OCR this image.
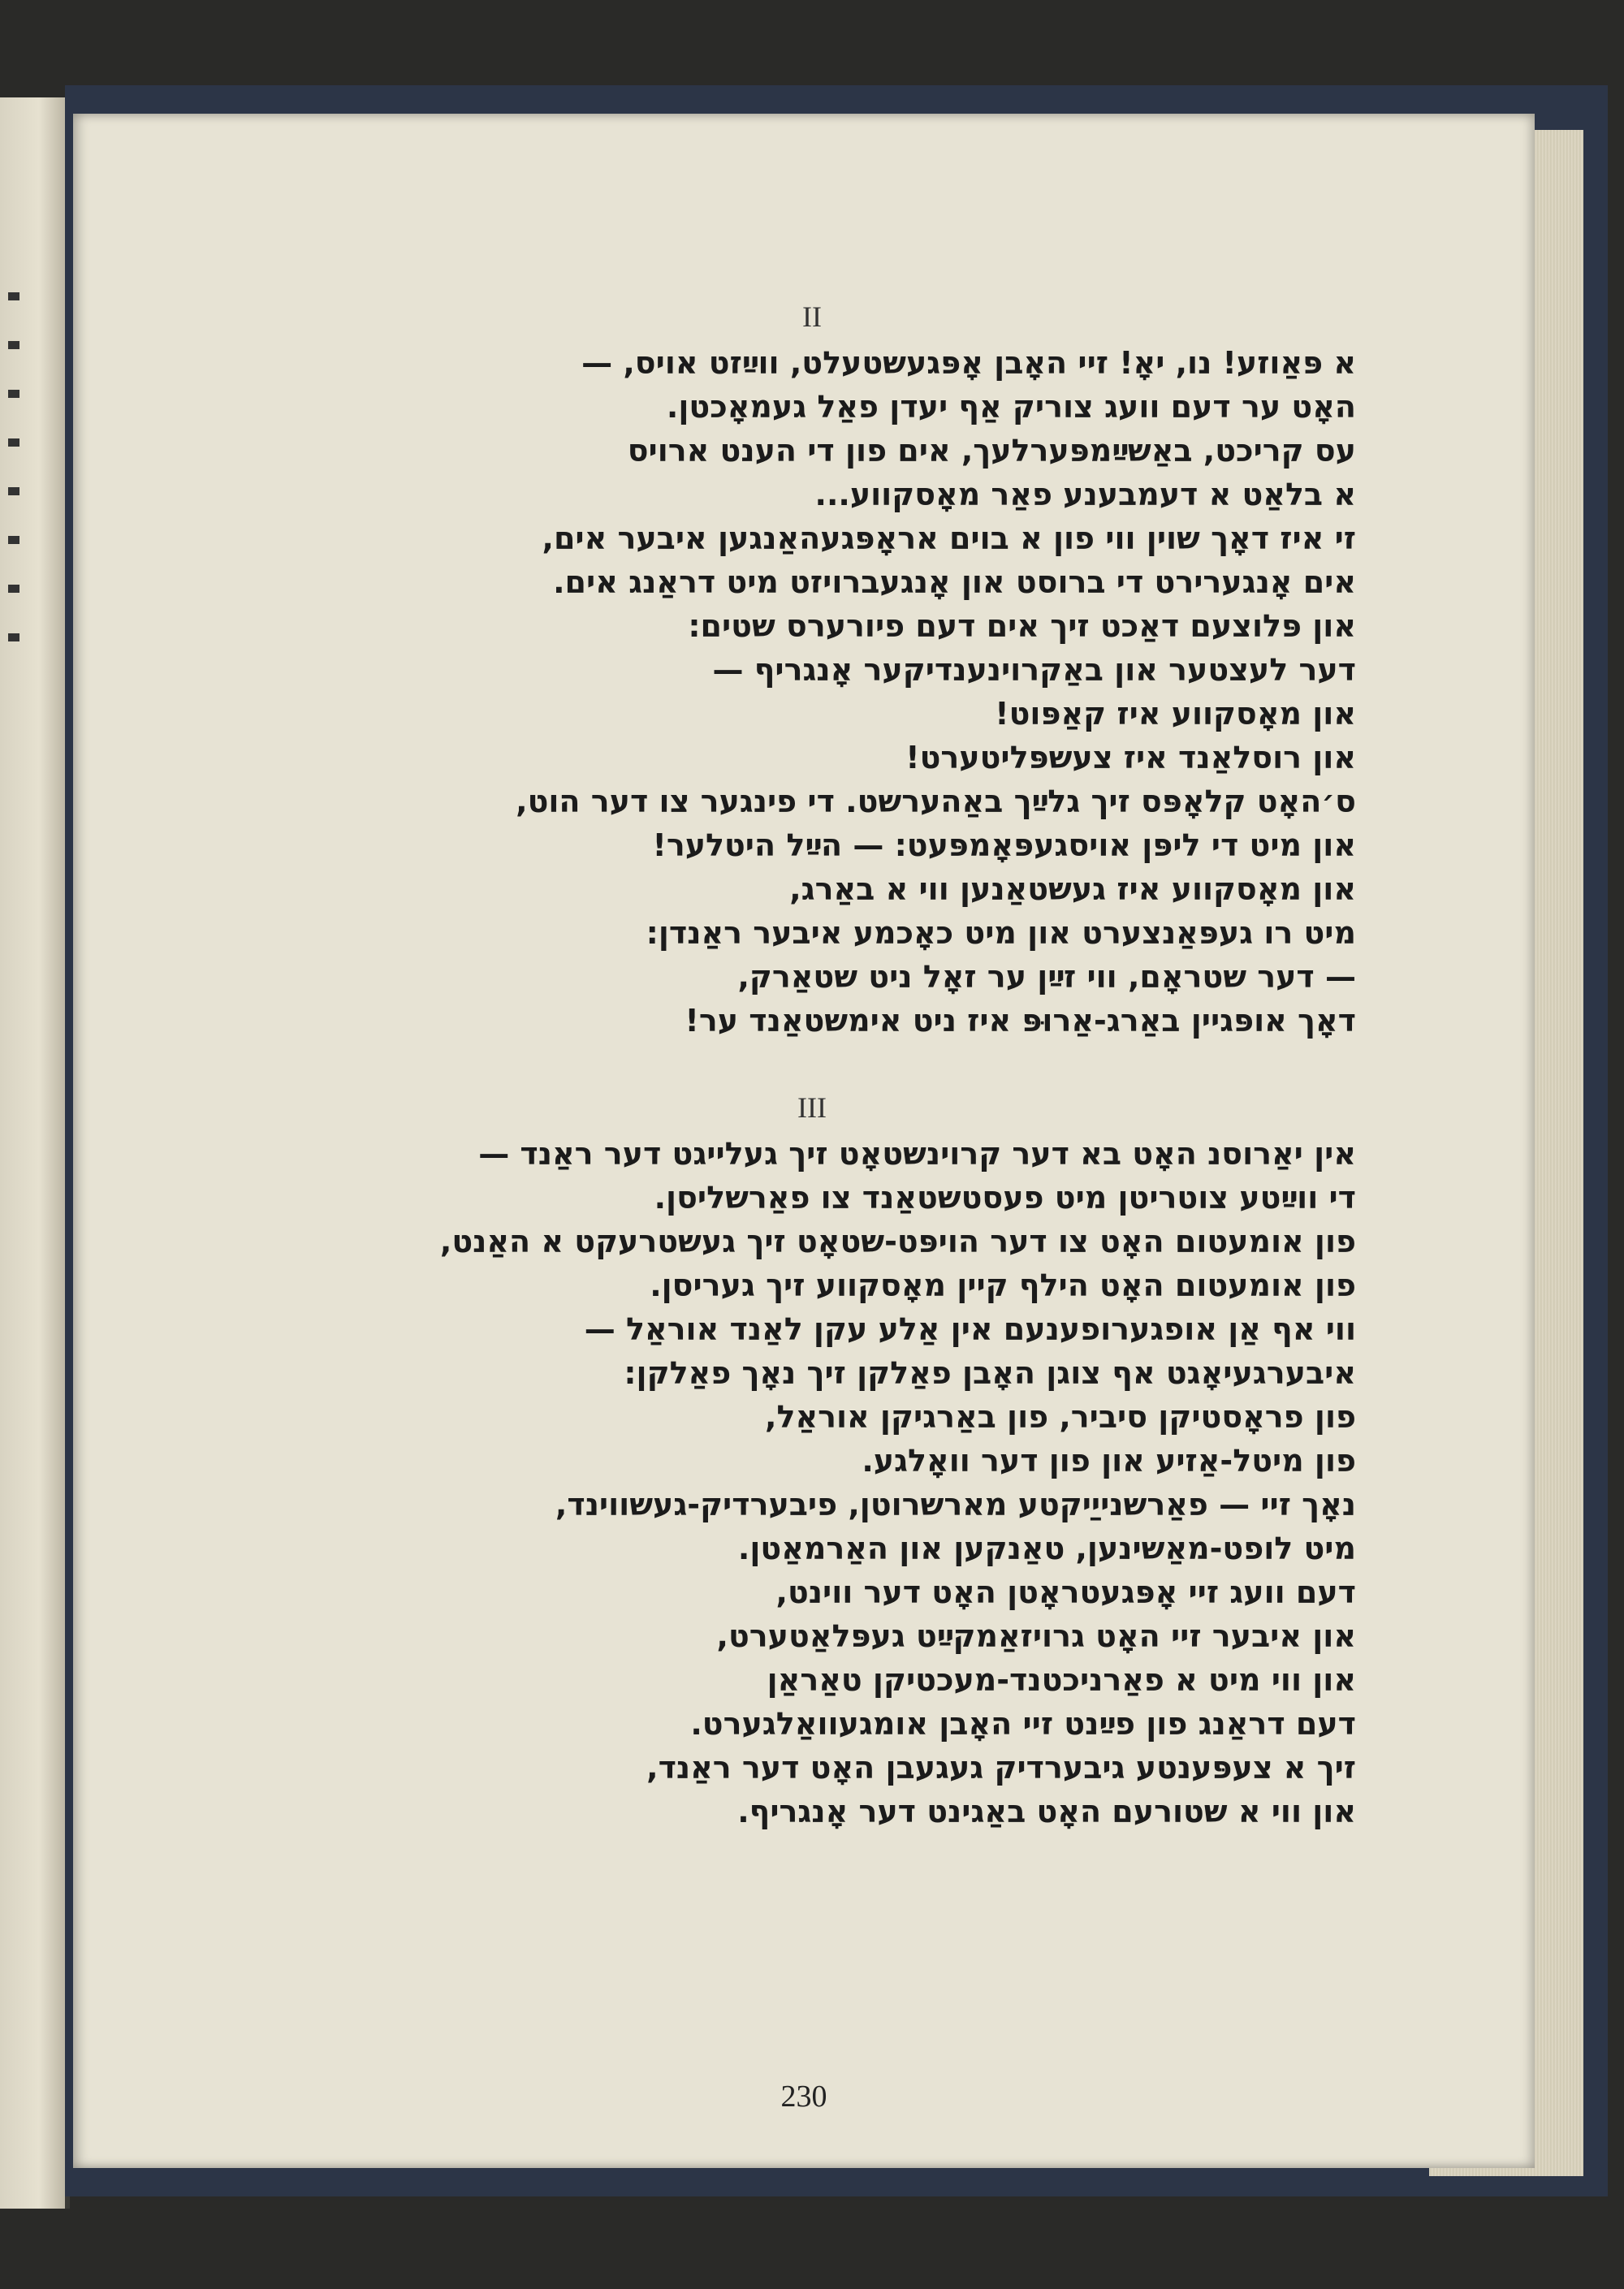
II
א פּאַוזע! נו, יאָ! זיי האָבן אָפּגעשטעלט, ווײַזט אויס, —
האָט ער דעם וועג צוריק אַף יעדן פאַל געמאָכטן.
עס קריכט, באַשײַמפּערלעך, אים פון די הענט ארויס
א בלאַט א דעמבענע פאַר מאָסקווע...
זי איז דאָך שוין ווי פון א בוים אראָפּגעהאַנגען איבער אים,
אים אָנגערירט די ברוסט און אָנגעברויזט מיט דראַנג אים.
און פּלוצעם דאַכט זיך אים דעם פיורערס שטים:
דער לעצטער און באַקרוינענדיקער אָנגריף —
און מאָסקווע איז קאַפּוט!
און רוסלאַנד איז צעשפּליטערט!
ס׳האָט קלאָפּס זיך גלײַך באַהערשט. די פינגער צו דער הוט,
און מיט די ליפּן אויסגעפּאָמפּעט: — הײַל היטלער!
און מאָסקווע איז געשטאַנען ווי א באַרג,
מיט רו געפּאַנצערט און מיט כאָכמע איבער ראַנדן:
— דער שטראָם, ווי זײַן ער זאָל ניט שטאַרק,
דאָך אופּגיין באַרג-אַרוּפּ איז ניט אימשטאַנד ער!
III
אין יאַרוסנ האָט בא דער קרוינשטאָט זיך געלייגט דער ראַנד —
די ווײַטע צוטריטן מיט פעסטשטאַנד צו פאַרשליסן.
פון אומעטום האָט צו דער הויפּט-שטאָט זיך געשטרעקט א האַנט,
פון אומעטום האָט הילף קיין מאָסקווע זיך געריסן.
ווי אף אַן אופגערופענעם אין אַלע עקן לאַנד אוראַל —
איבערגעיאָגט אף צוגן האָבן פאַלקן זיך נאָך פאַלקן:
פון פראָסטיקן סיביר, פון באַרגיקן אוראַל,
פון מיטל-אַזיע און פון דער וואָלגע.
נאָך זיי — פאַרשנייַיקטע מארשרוטן, פיבערדיק-געשווינד,
מיט לופט-מאַשינען, טאַנקען און האַרמאַטן.
דעם וועג זיי אָפּגעטראָטן האָט דער ווינט,
און איבער זיי האָט גרויזאַמקײַט געפּלאַטערט,
און ווי מיט א פאַרניכטנד-מעכטיקן טאַראַן
דעם דראַנג פון פײַנט זיי האָבן אומגעוואַלגערט.
זיך א צעפּענטע גיבערדיק געגעבן האָט דער ראַנד,
און ווי א שטורעם האָט באַגינט דער אָנגריף.
230
